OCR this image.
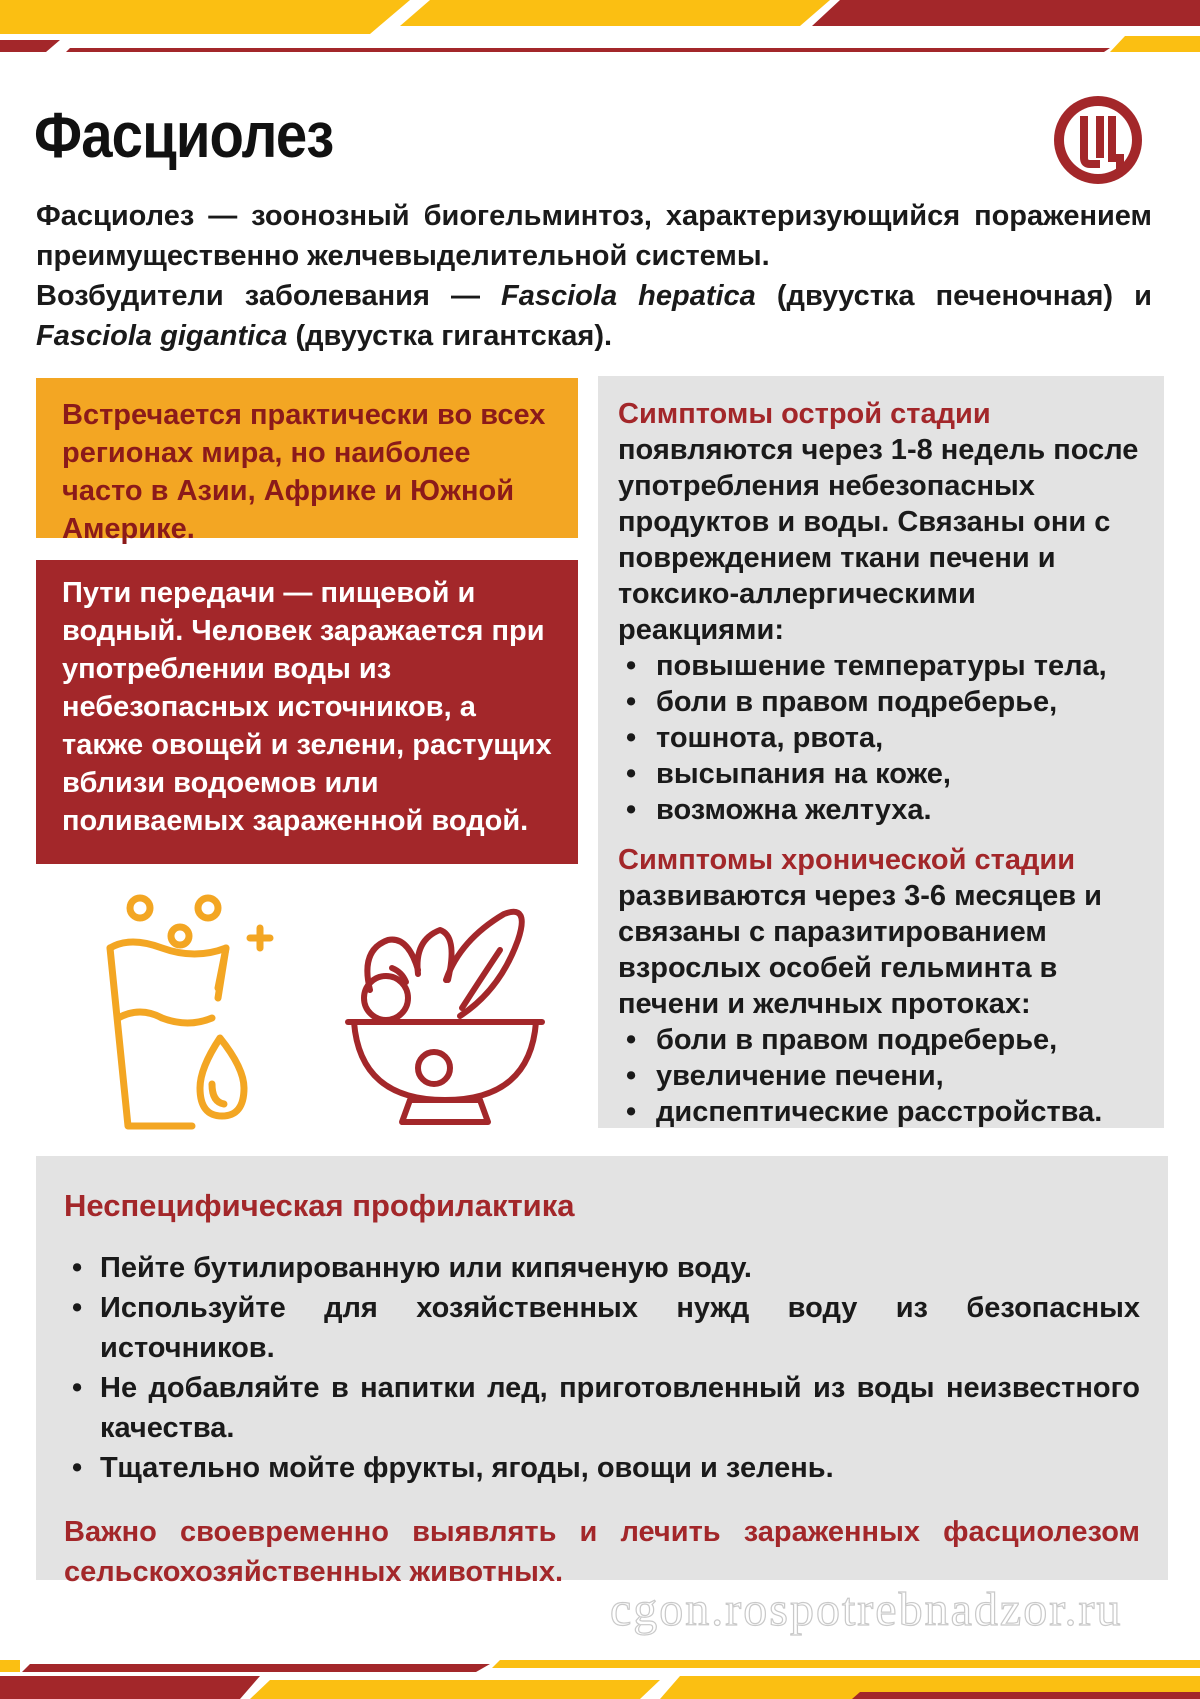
Фасциолез

Фасциолез — зоонозный биогельминтоз, характеризующийся поражением преимущественно желчевыделительной системы.

Возбудители заболевания — Fasciola hepatica (двуустка печеночная) и Fasciola gigantica (двуустка гигантская).

Встречается практически во всех регионах мира, но наиболее часто в Азии, Африке и Южной Америке.
Пути передачи — пищевой и водный. Человек заражается при употреблении воды из небезопасных источников, а также овощей и зелени, растущих вблизи водоемов или поливаемых зараженной водой.
Симптомы острой стадии
появляются через 1-8 недель после употребления небезопасных продуктов и воды. Связаны они с повреждением ткани печени и токсико-аллергическими реакциями:
• повышение температуры тела,
• боли в правом подреберье,
• тошнота, рвота,
• высыпания на коже,
• возможна желтуха.
Симптомы хронической стадии
развиваются через 3-6 месяцев и связаны с паразитированием взрослых особей гельминта в печени и желчных протоках:
• боли в правом подреберье,
• увеличение печени,
• диспептические расстройства.
Неспецифическая профилактика
• Пейте бутилированную или кипяченую воду.
• Используйте для хозяйственных нужд воду из безопасных источников.
• Не добавляйте в напитки лед, приготовленный из воды неизвестного качества.
• Тщательно мойте фрукты, ягоды, овощи и зелень.

Важно своевременно выявлять и лечить зараженных фасциолезом сельскохозяйственных животных.

cgon.rospotrebnadzor.ru
